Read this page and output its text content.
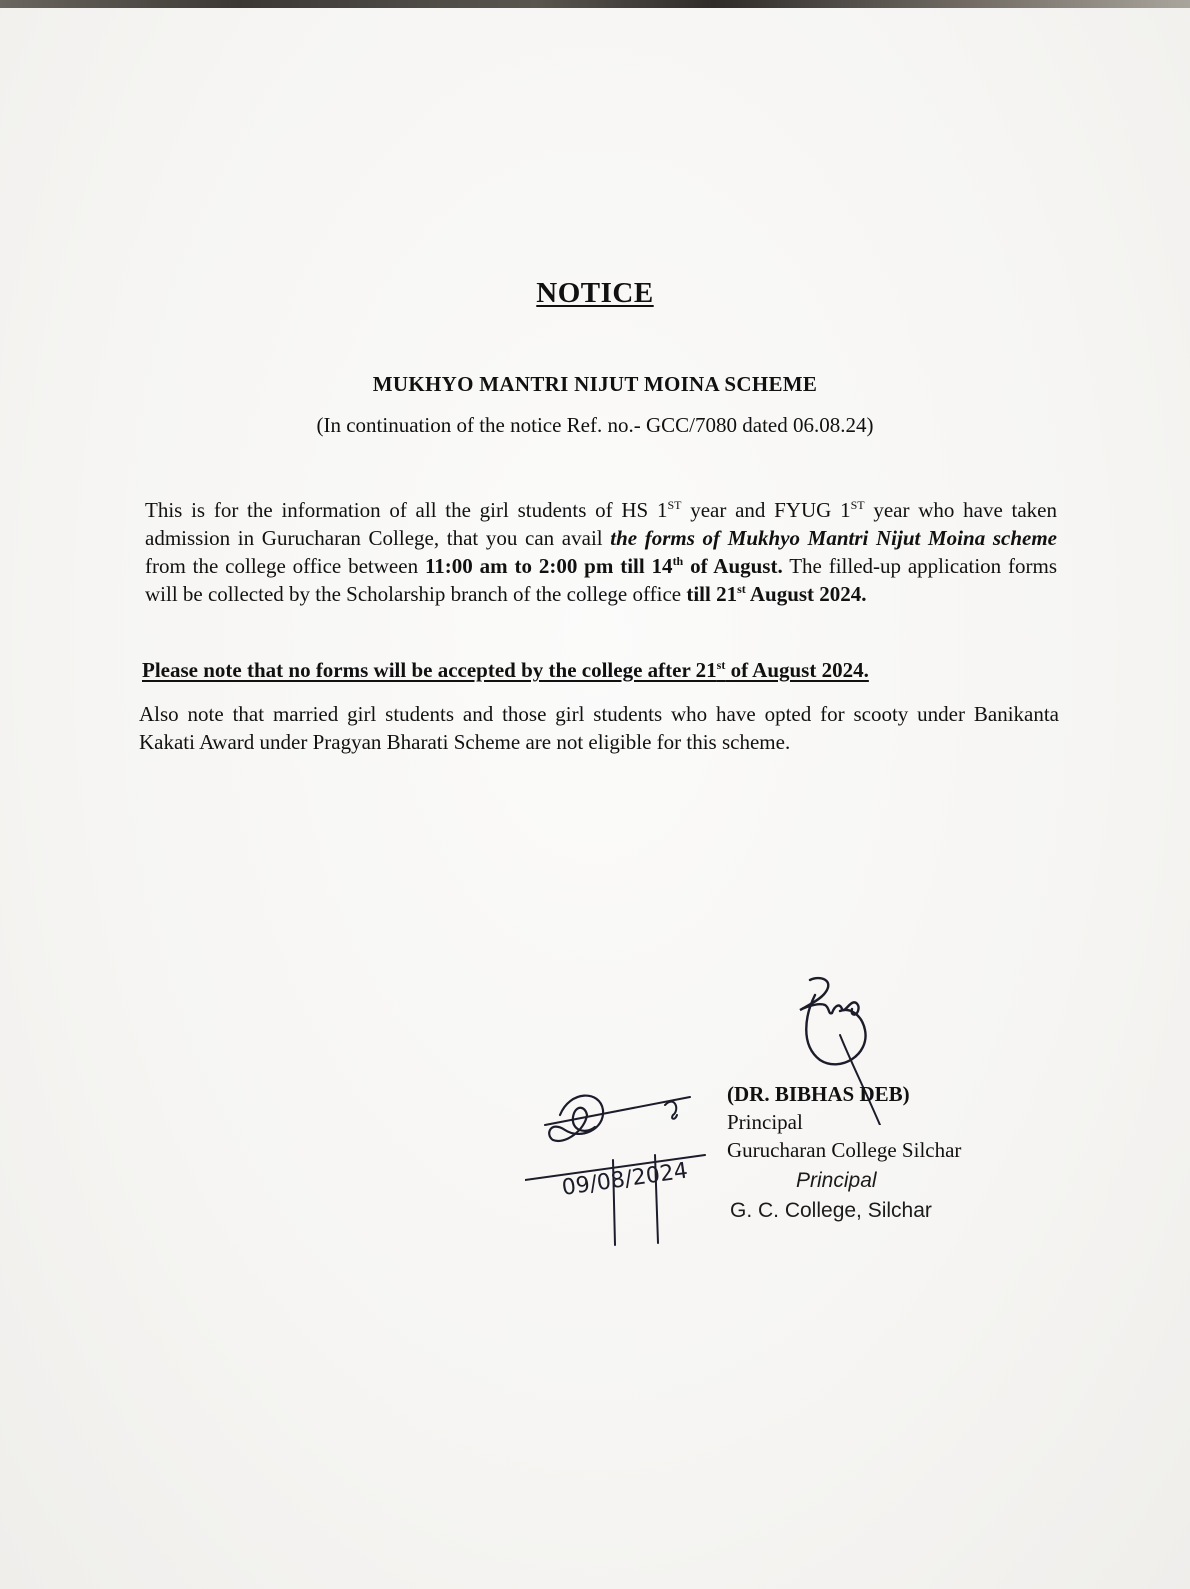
NOTICE
MUKHYO MANTRI NIJUT MOINA SCHEME
(In continuation of the notice Ref. no.- GCC/7080 dated 06.08.24)
This is for the information of all the girl students of HS 1ST year and FYUG 1ST year who have taken admission in Gurucharan College, that you can avail the forms of Mukhyo Mantri Nijut Moina scheme from the college office between 11:00 am to 2:00 pm till 14th of August. The filled-up application forms will be collected by the Scholarship branch of the college office till 21st August 2024.
Please note that no forms will be accepted by the college after 21st of August 2024.
Also note that married girl students and those girl students who have opted for scooty under Banikanta Kakati Award under Pragyan Bharati Scheme are not eligible for this scheme.
09/08/2024
(DR. BIBHAS DEB)
Principal
Gurucharan College Silchar
Principal
G. C. College, Silchar
